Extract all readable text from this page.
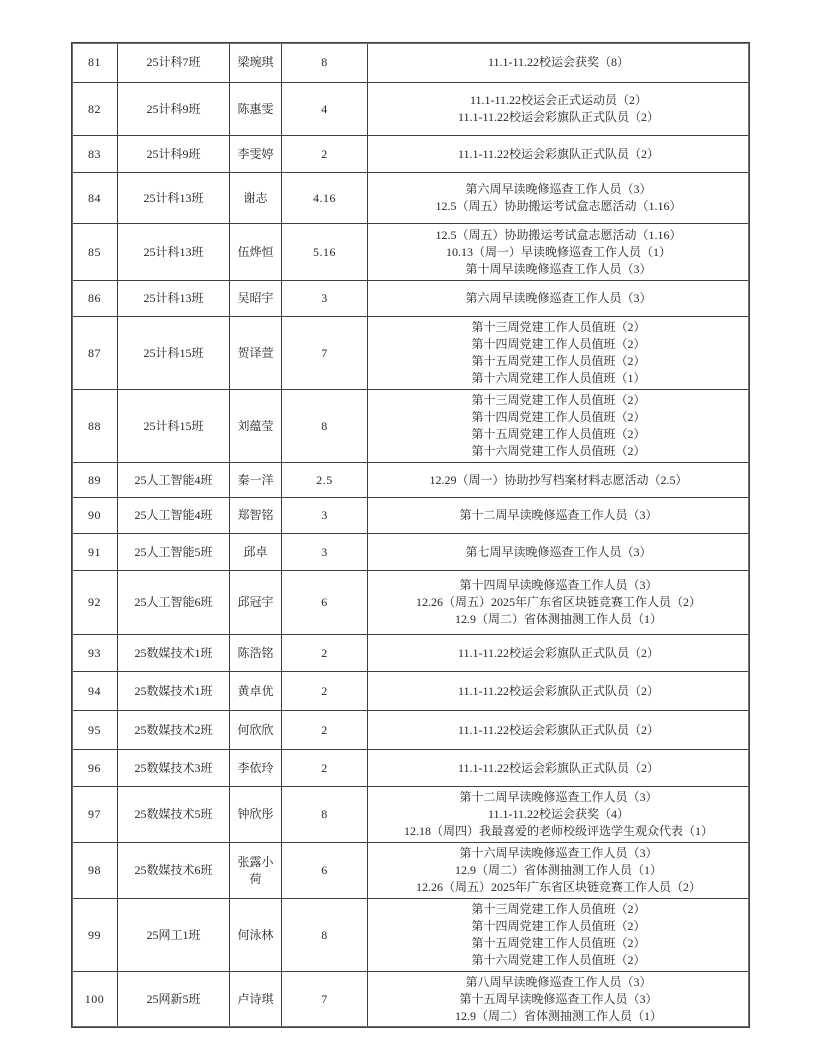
81	25计科7班	梁琬琪	8	11.1-11.22校运会获奖（8）

82	25计科9班	陈惠雯	4	11.1-11.22校运会正式运动员（2）
11.1-11.22校运会彩旗队正式队员（2）

83	25计科9班	李雯婷	2	11.1-11.22校运会彩旗队正式队员（2）

84	25计科13班	谢志	4.16	第六周早读晚修巡查工作人员（3）
12.5（周五）协助搬运考试盒志愿活动（1.16）

85	25计科13班	伍烨恒	5.16	12.5（周五）协助搬运考试盒志愿活动（1.16）
10.13（周一）早读晚修巡查工作人员（1）
第十周早读晚修巡查工作人员（3）

86	25计科13班	吴昭宇	3	第六周早读晚修巡查工作人员（3）

87	25计科15班	贺译萱	7	第十三周党建工作人员值班（2）
第十四周党建工作人员值班（2）
第十五周党建工作人员值班（2）
第十六周党建工作人员值班（1）

88	25计科15班	刘蕴莹	8	第十三周党建工作人员值班（2）
第十四周党建工作人员值班（2）
第十五周党建工作人员值班（2）
第十六周党建工作人员值班（2）

89	25人工智能4班	秦一洋	2.5	12.29（周一）协助抄写档案材料志愿活动（2.5）

90	25人工智能4班	郑智铭	3	第十二周早读晚修巡查工作人员（3）

91	25人工智能5班	邱卓	3	第七周早读晚修巡查工作人员（3）

92	25人工智能6班	邱冠宇	6	第十四周早读晚修巡查工作人员（3）
12.26（周五）2025年广东省区块链竞赛工作人员（2）
12.9（周二）省体测抽测工作人员（1）

93	25数媒技术1班	陈浩铭	2	11.1-11.22校运会彩旗队正式队员（2）

94	25数媒技术1班	黄卓优	2	11.1-11.22校运会彩旗队正式队员（2）

95	25数媒技术2班	何欣欣	2	11.1-11.22校运会彩旗队正式队员（2）

96	25数媒技术3班	李依玲	2	11.1-11.22校运会彩旗队正式队员（2）

97	25数媒技术5班	钟欣彤	8	第十二周早读晚修巡查工作人员（3）
11.1-11.22校运会获奖（4）
12.18（周四）我最喜爱的老师校级评选学生观众代表（1）

98	25数媒技术6班	张露小荷	6	第十六周早读晚修巡查工作人员（3）
12.9（周二）省体测抽测工作人员（1）
12.26（周五）2025年广东省区块链竞赛工作人员（2）

99	25网工1班	何泳林	8	第十三周党建工作人员值班（2）
第十四周党建工作人员值班（2）
第十五周党建工作人员值班（2）
第十六周党建工作人员值班（2）

100	25网新5班	卢诗琪	7	第八周早读晚修巡查工作人员（3）
第十五周早读晚修巡查工作人员（3）
12.9（周二）省体测抽测工作人员（1）
